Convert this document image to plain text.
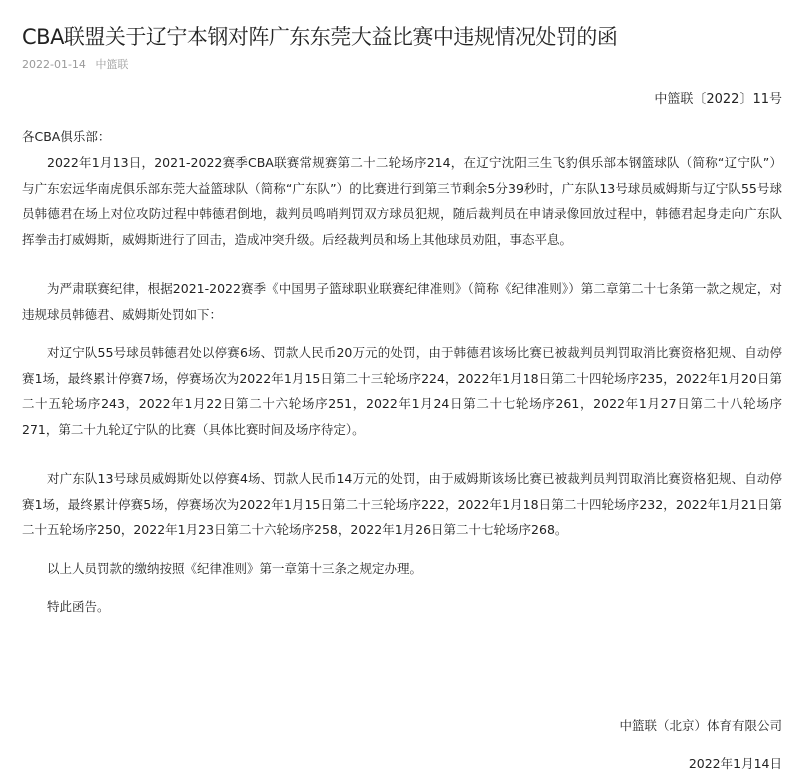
CBA联盟关于辽宁本钢对阵广东东莞大益比赛中违规情况处罚的函
2022-01-14 中篮联
中篮联〔2022〕11号

各CBA俱乐部：

2022年1月13日，2021-2022赛季CBA联赛常规赛第二十二轮场序214，在辽宁沈阳三生飞豹俱乐部本钢篮球队（简称“辽宁队”）与广东宏远华南虎俱乐部东莞大益篮球队（简称“广东队”）的比赛进行到第三节剩余5分39秒时，广东队13号球员威姆斯与辽宁队55号球员韩德君在场上对位攻防过程中韩德君倒地，裁判员鸣哨判罚双方球员犯规，随后裁判员在申请录像回放过程中，韩德君起身走向广东队挥拳击打威姆斯，威姆斯进行了回击，造成冲突升级。后经裁判员和场上其他球员劝阻，事态平息。

为严肃联赛纪律，根据2021-2022赛季《中国男子篮球职业联赛纪律准则》（简称《纪律准则》）第二章第二十七条第一款之规定，对违规球员韩德君、威姆斯处罚如下：

对辽宁队55号球员韩德君处以停赛6场、罚款人民币20万元的处罚，由于韩德君该场比赛已被裁判员判罚取消比赛资格犯规、自动停赛1场，最终累计停赛7场，停赛场次为2022年1月15日第二十三轮场序224，2022年1月18日第二十四轮场序235，2022年1月20日第二十五轮场序243，2022年1月22日第二十六轮场序251，2022年1月24日第二十七轮场序261，2022年1月27日第二十八轮场序271，第二十九轮辽宁队的比赛（具体比赛时间及场序待定）。

对广东队13号球员威姆斯处以停赛4场、罚款人民币14万元的处罚，由于威姆斯该场比赛已被裁判员判罚取消比赛资格犯规、自动停赛1场，最终累计停赛5场，停赛场次为2022年1月15日第二十三轮场序222，2022年1月18日第二十四轮场序232，2022年1月21日第二十五轮场序250，2022年1月23日第二十六轮场序258，2022年1月26日第二十七轮场序268。

以上人员罚款的缴纳按照《纪律准则》第一章第十三条之规定办理。

特此函告。

中篮联（北京）体育有限公司
2022年1月14日
